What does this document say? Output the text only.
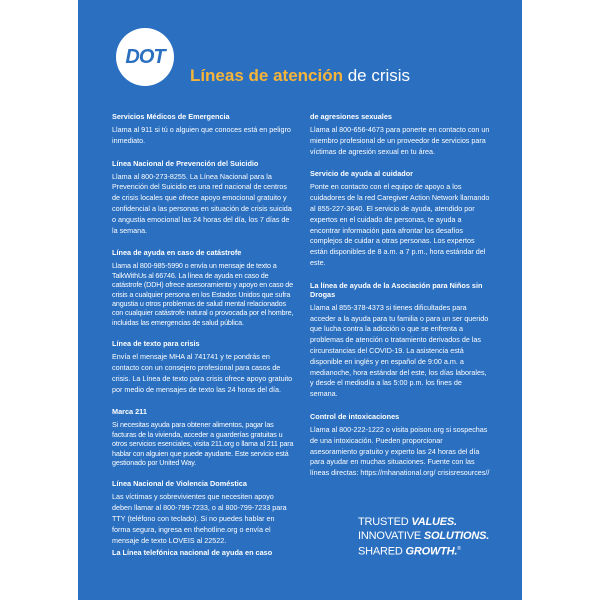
DOT
Líneas de atención de crisis
Servicios Médicos de Emergencia

Llama al 911 si tú o alguien que conoces está en peligro inmediato.

Línea Nacional de Prevención del Suicidio

Llama al 800-273-8255. La Línea Nacional para la Prevención del Suicidio es una red nacional de centros de crisis locales que ofrece apoyo emocional gratuito y confidencial a las personas en situación de crisis suicida o angustia emocional las 24 horas del día, los 7 días de la semana.

Línea de ayuda en caso de catástrofe

Llama al 800-985-5990 o envía un mensaje de texto a TalkWithUs al 66746. La línea de ayuda en caso de catástrofe (DDH) ofrece asesoramiento y apoyo en caso de crisis a cualquier persona en los Estados Unidos que sufra angustia u otros problemas de salud mental relacionados con cualquier catástrofe natural o provocada por el hombre, incluidas las emergencias de salud pública.

Línea de texto para crisis

Envía el mensaje MHA al 741741 y te pondrás en contacto con un consejero profesional para casos de crisis. La Línea de texto para crisis ofrece apoyo gratuito por medio de mensajes de texto las 24 horas del día.

Marca 211

Si necesitas ayuda para obtener alimentos, pagar las facturas de la vivienda, acceder a guarderías gratuitas u otros servicios esenciales, visita 211.org o llama al 211 para hablar con alguien que puede ayudarte. Este servicio está gestionado por United Way.

Línea Nacional de Violencia Doméstica

Las víctimas y sobrevivientes que necesiten apoyo deben llamar al 800-799-7233, o al 800-799-7233 para TTY (teléfono con teclado). Si no puedes hablar en forma segura, ingresa en thehotline.org o envía el mensaje de texto LOVEIS al 22522.

La Línea telefónica nacional de ayuda en caso
de agresiones sexuales

Llama al 800-656-4673 para ponerte en contacto con un miembro profesional de un proveedor de servicios para víctimas de agresión sexual en tu área.

Servicio de ayuda al cuidador

Ponte en contacto con el equipo de apoyo a los cuidadores de la red Caregiver Action Network llamando al 855-227-3640. El servicio de ayuda, atendido por expertos en el cuidado de personas, te ayuda a encontrar información para afrontar los desafíos complejos de cuidar a otras personas. Los expertos están disponibles de 8 a.m. a 7 p.m., hora estándar del este.

La línea de ayuda de la Asociación para Niños sin Drogas

Llama al 855-378-4373 si tienes dificultades para acceder a la ayuda para tu familia o para un ser querido que lucha contra la adicción o que se enfrenta a problemas de atención o tratamiento derivados de las circunstancias del COVID-19. La asistencia está disponible en inglés y en español de 9:00 a.m. a medianoche, hora estándar del este, los días laborales, y desde el mediodía a las 5:00 p.m. los fines de semana.

Control de intoxicaciones

Llama al 800-222-1222 o visita poison.org si sospechas de una intoxicación. Pueden proporcionar asesoramiento gratuito y experto las 24 horas del día para ayudar en muchas situaciones. Fuente con las líneas directas: https://mhanational.org/ crisisresources//

TRUSTED VALUES.
INNOVATIVE SOLUTIONS.
SHARED GROWTH.®
